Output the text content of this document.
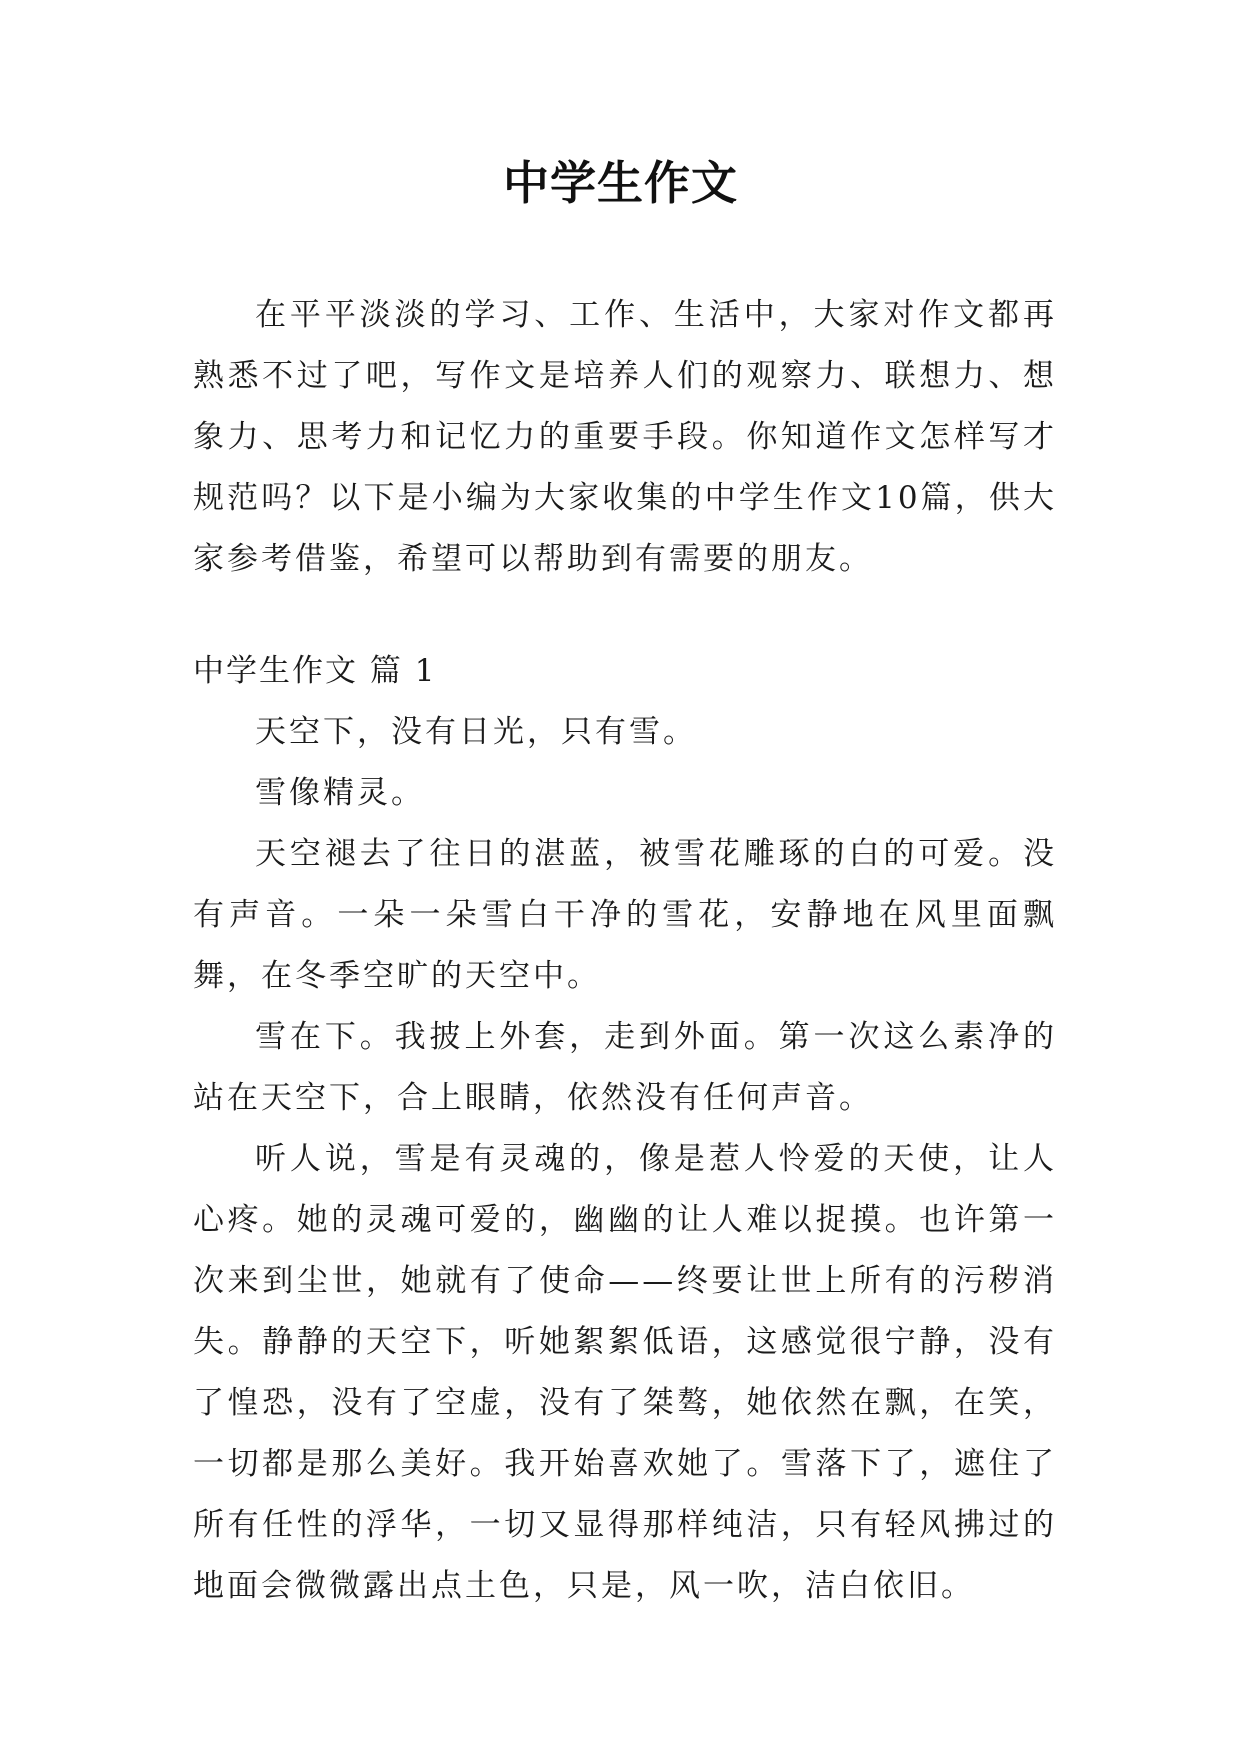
中学生作文

在平平淡淡的学习、工作、生活中，大家对作文都再熟悉不过了吧，写作文是培养人们的观察力、联想力、想象力、思考力和记忆力的重要手段。你知道作文怎样写才规范吗？以下是小编为大家收集的中学生作文10篇，供大家参考借鉴，希望可以帮助到有需要的朋友。

中学生作文 篇 1

天空下，没有日光，只有雪。

雪像精灵。

天空褪去了往日的湛蓝，被雪花雕琢的白的可爱。没有声音。一朵一朵雪白干净的雪花，安静地在风里面飘舞，在冬季空旷的天空中。

雪在下。我披上外套，走到外面。第一次这么素净的站在天空下，合上眼睛，依然没有任何声音。

听人说，雪是有灵魂的，像是惹人怜爱的天使，让人心疼。她的灵魂可爱的，幽幽的让人难以捉摸。也许第一次来到尘世，她就有了使命——终要让世上所有的污秽消失。静静的天空下，听她絮絮低语，这感觉很宁静，没有了惶恐，没有了空虚，没有了桀骜，她依然在飘，在笑，一切都是那么美好。我开始喜欢她了。雪落下了，遮住了所有任性的浮华，一切又显得那样纯洁，只有轻风拂过的地面会微微露出点土色，只是，风一吹，洁白依旧。
